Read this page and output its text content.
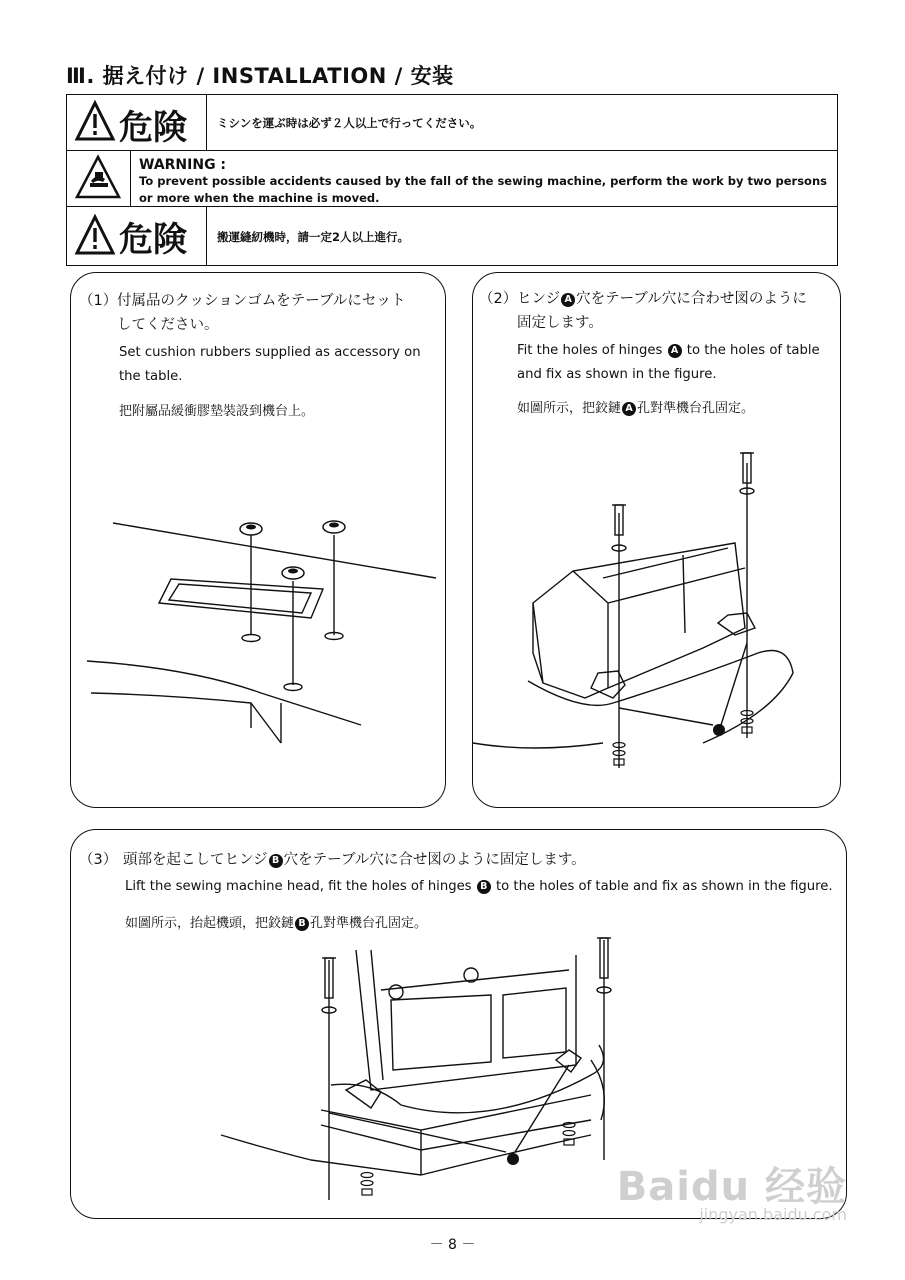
Ⅲ. 据え付け / INSTALLATION / 安装
危険	ミシンを運ぶ時は必ず２人以上で行ってください。
WARNING :
To prevent possible accidents caused by the fall of the sewing machine, perform the work by two persons or more when the machine is moved.
危険	搬運縫紉機時，請一定2人以上進行。
（1） 付属品のクッションゴムをテーブルにセット
してください。
Set cushion rubbers supplied as accessory on the table.
把附屬品緩衝膠墊裝設到機台上。
（2） ヒンジ A 穴をテーブル穴に合わせ図のように
固定します。
Fit the holes of hinges A to the holes of table and fix as shown in the figure.
如圖所示，把鉸鏈 A 孔對準機台孔固定。
（3） 頭部を起こしてヒンジ B 穴をテーブル穴に合せ図のように固定します。
Lift the sewing machine head, fit the holes of hinges B to the holes of table and fix as shown in the figure.
如圖所示，抬起機頭，把鉸鏈 B 孔對準機台孔固定。
－ 8 －
Baidu 经验
jingyan.baidu.com
